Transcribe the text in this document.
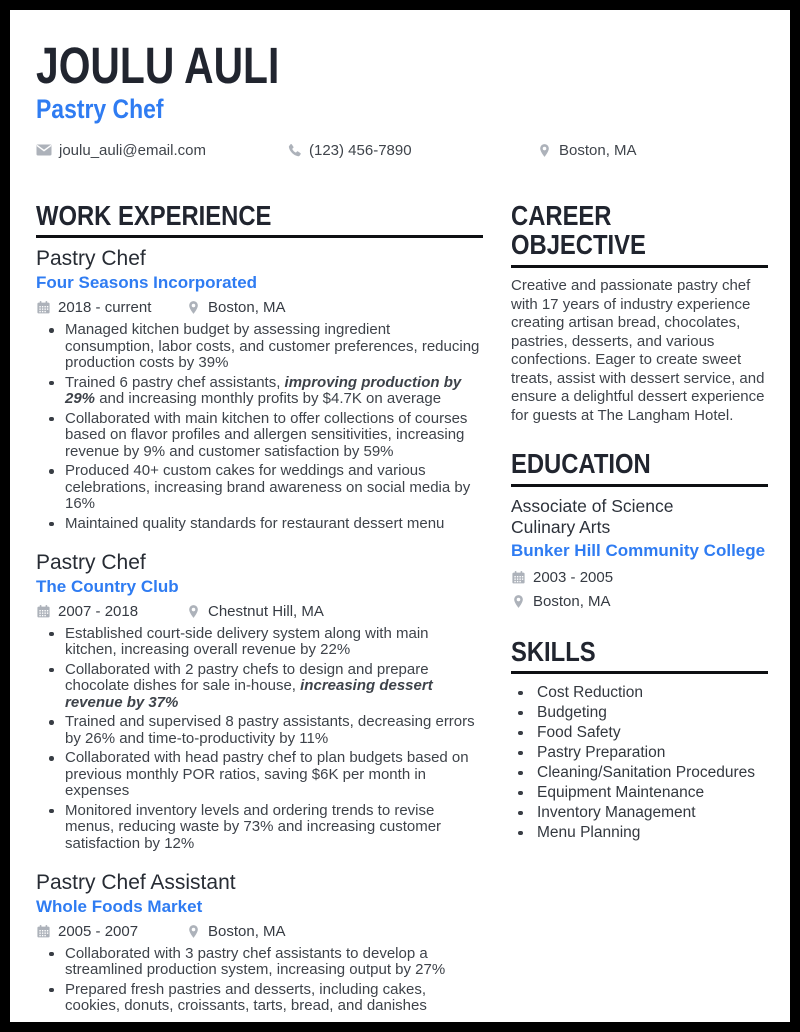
JOULU AULI
Pastry Chef
joulu_auli@email.com	(123) 456-7890	Boston, MA
WORK EXPERIENCE
Pastry Chef
Four Seasons Incorporated
2018 - current	Boston, MA
Managed kitchen budget by assessing ingredient consumption, labor costs, and customer preferences, reducing production costs by 39%
Trained 6 pastry chef assistants, improving production by 29% and increasing monthly profits by $4.7K on average
Collaborated with main kitchen to offer collections of courses based on flavor profiles and allergen sensitivities, increasing revenue by 9% and customer satisfaction by 59%
Produced 40+ custom cakes for weddings and various celebrations, increasing brand awareness on social media by 16%
Maintained quality standards for restaurant dessert menu
Pastry Chef
The Country Club
2007 - 2018	Chestnut Hill, MA
Established court-side delivery system along with main kitchen, increasing overall revenue by 22%
Collaborated with 2 pastry chefs to design and prepare chocolate dishes for sale in-house, increasing dessert revenue by 37%
Trained and supervised 8 pastry assistants, decreasing errors by 26% and time-to-productivity by 11%
Collaborated with head pastry chef to plan budgets based on previous monthly POR ratios, saving $6K per month in expenses
Monitored inventory levels and ordering trends to revise menus, reducing waste by 73% and increasing customer satisfaction by 12%
Pastry Chef Assistant
Whole Foods Market
2005 - 2007	Boston, MA
Collaborated with 3 pastry chef assistants to develop a streamlined production system, increasing output by 27%
Prepared fresh pastries and desserts, including cakes, cookies, donuts, croissants, tarts, bread, and danishes
CAREER OBJECTIVE

Creative and passionate pastry chef with 17 years of industry experience creating artisan bread, chocolates, pastries, desserts, and various confections. Eager to create sweet treats, assist with dessert service, and ensure a delightful dessert experience for guests at The Langham Hotel.

EDUCATION
Associate of Science
Culinary Arts
Bunker Hill Community College
2003 - 2005
Boston, MA
SKILLS
Cost Reduction
Budgeting
Food Safety
Pastry Preparation
Cleaning/Sanitation Procedures
Equipment Maintenance
Inventory Management
Menu Planning
